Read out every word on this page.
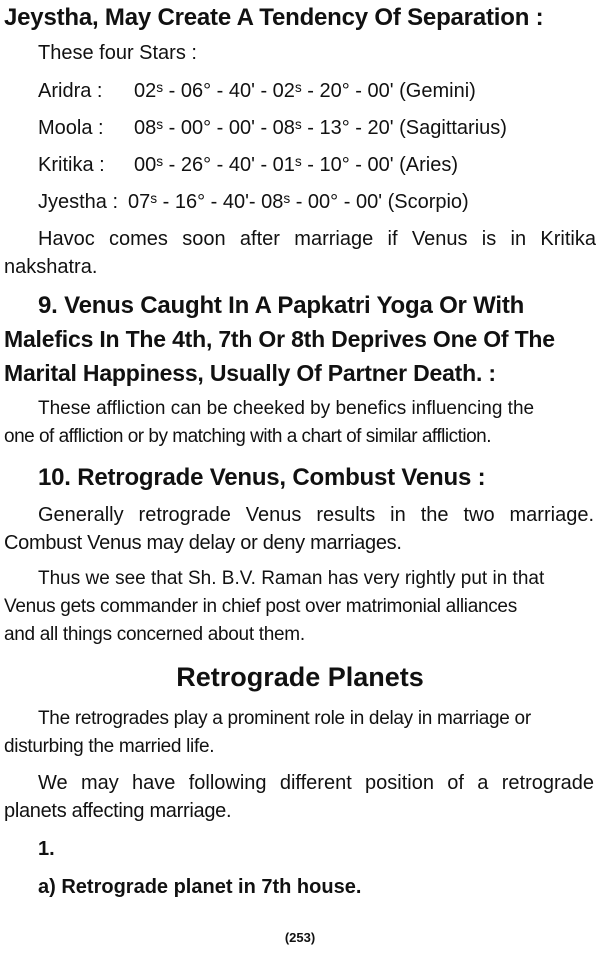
Jeystha, May Create A Tendency Of Separation :

These four Stars :

Aridra : 02ˢ - 06° - 40' - 02ˢ - 20° - 00' (Gemini)
Moola : 08ˢ - 00° - 00' - 08ˢ - 13° - 20' (Sagittarius)
Kritika : 00ˢ - 26° - 40' - 01ˢ - 10° - 00' (Aries)
Jyestha : 07ˢ - 16° - 40'- 08ˢ - 00° - 00' (Scorpio)

Havoc comes soon after marriage if Venus is in Kritika

nakshatra.

9. Venus Caught In A Papkatri Yoga Or With
Malefics In The 4th, 7th Or 8th Deprives One Of The
Marital Happiness, Usually Of Partner Death. :

These affliction can be cheeked by benefics influencing the

one of affliction or by matching with a chart of similar affliction.

10. Retrograde Venus, Combust Venus :

Generally retrograde Venus results in the two marriage.

Combust Venus may delay or deny marriages.

Thus we see that Sh. B.V. Raman has very rightly put in that

Venus gets commander in chief post over matrimonial alliances

and all things concerned about them.

Retrograde Planets

The retrogrades play a prominent role in delay in marriage or

disturbing the married life.

We may have following different position of a retrograde

planets affecting marriage.

1.

a) Retrograde planet in 7th house.

(253)
